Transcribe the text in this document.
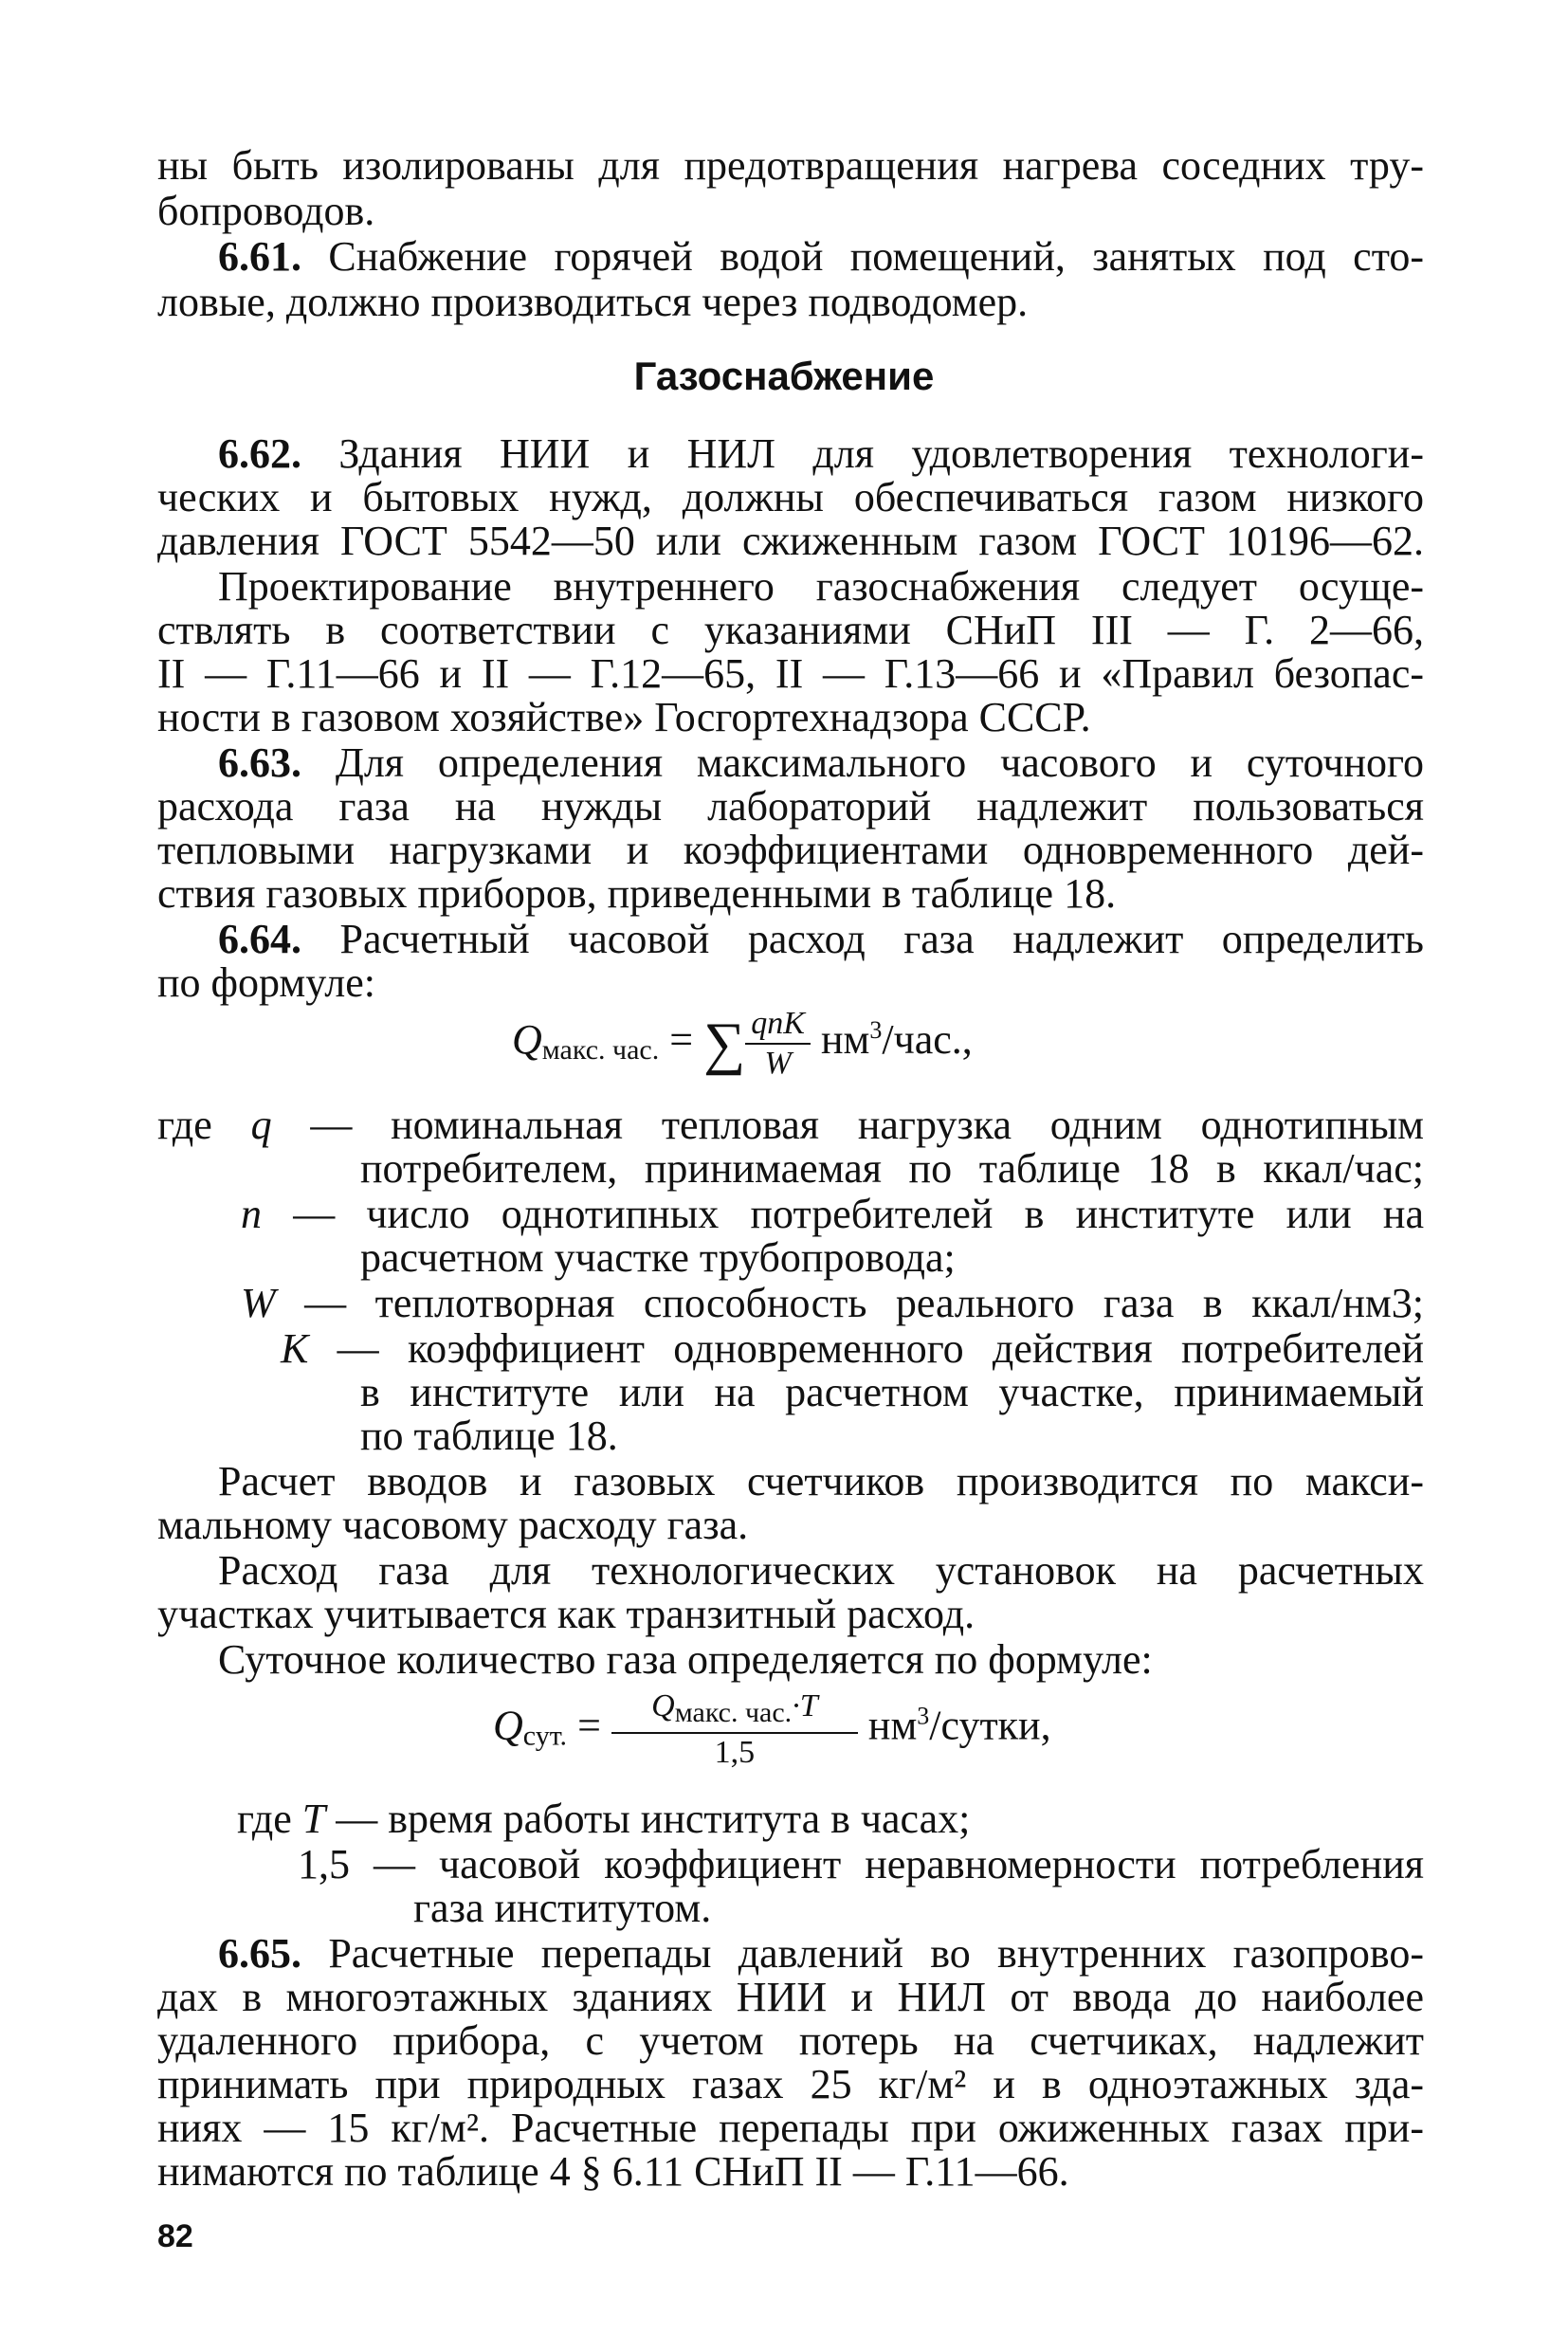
ны быть изолированы для предотвращения нагрева соседних тру-
бопроводов.
6.61. Снабжение горячей водой помещений, занятых под сто-
ловые, должно производиться через подводомер.
Газоснабжение
6.62. Здания НИИ и НИЛ для удовлетворения технологи-
ческих и бытовых нужд, должны обеспечиваться газом низкого
давления ГОСТ 5542—50 или сжиженным газом ГОСТ 10196—62.
Проектирование внутреннего газоснабжения следует осуще-
ствлять в соответствии с указаниями СНиП III — Г. 2—66,
II — Г.11—66 и II — Г.12—65, II — Г.13—66 и «Правил безопас-
ности в газовом хозяйстве» Госгортехнадзора СССР.
6.63. Для определения максимального часового и суточного
расхода газа на нужды лабораторий надлежит пользоваться
тепловыми нагрузками и коэффициентами одновременного дей-
ствия газовых приборов, приведенными в таблице 18.
6.64. Расчетный часовой расход газа надлежит определить
по формуле:
$Q_{макс. час.}$ = ∑ $\frac{\text{qnK}}{W} нм^3/час$.,
где q — номинальная тепловая нагрузка одним однотипным
потребителем, принимаемая по таблице 18 в ккал/час;
n — число однотипных потребителей в институте или на
расчетном участке трубопровода;
W — теплотворная способность реального газа в ккал/нм3;
K — коэффициент одновременного действия потребителей
в институте или на расчетном участке, принимаемый
по таблице 18.
Расчет вводов и газовых счетчиков производится по макси-
мальному часовому расходу газа.
Расход газа для технологических установок на расчетных
участках учитывается как транзитный расход.
Суточное количество газа определяется по формуле:
$Q_{сут.} = \frac{\text{Qмакс. час.·T}}{1,5}$ $нм^3$/сутки,
где T — время работы института в часах;
1,5 — часовой коэффициент неравномерности потребления
газа институтом.
6.65. Расчетные перепады давлений во внутренних газопрово-
дах в многоэтажных зданиях НИИ и НИЛ от ввода до наиболее
удаленного прибора, с учетом потерь на счетчиках, надлежит
принимать при природных газах 25 кг/м² и в одноэтажных зда-
ниях — 15 кг/м². Расчетные перепады при ожиженных газах при-
нимаются по таблице 4 § 6.11 СНиП II — Г.11—66.
82
